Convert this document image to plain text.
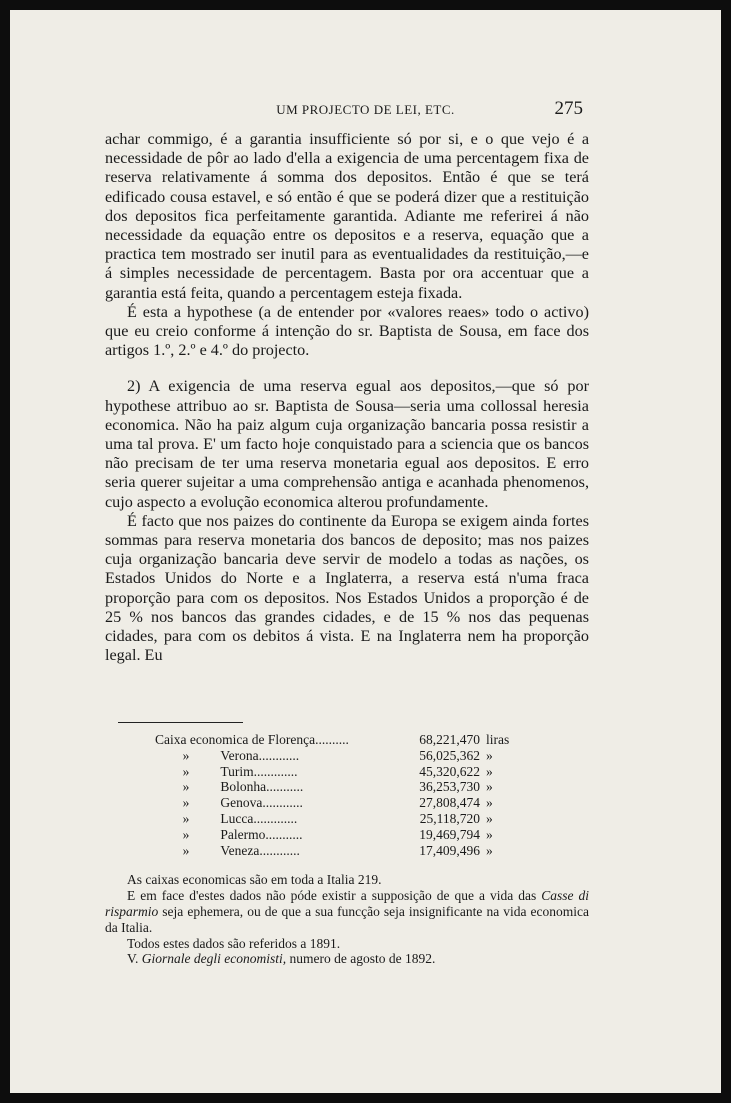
UM PROJECTO DE LEI, ETC.	275

achar commigo, é a garantia insufficiente só por si, e o que vejo é a necessidade de pôr ao lado d'ella a exigencia de uma percentagem fixa de reserva relativamente á somma dos depositos. Então é que se terá edificado cousa estavel, e só então é que se poderá dizer que a restituição dos depositos fica perfeitamente garantida. Adiante me referirei á não necessidade da equação entre os depositos e a reserva, equação que a practica tem mostrado ser inutil para as eventualidades da restituição,—e á simples necessidade de percentagem. Basta por ora accentuar que a garantia está feita, quando a percentagem esteja fixada.

É esta a hypothese (a de entender por «valores reaes» todo o activo) que eu creio conforme á intenção do sr. Baptista de Sousa, em face dos artigos 1.º, 2.º e 4.º do projecto.

2) A exigencia de uma reserva egual aos depositos,—que só por hypothese attribuo ao sr. Baptista de Sousa—seria uma collossal heresia economica. Não ha paiz algum cuja organização bancaria possa resistir a uma tal prova. E' um facto hoje conquistado para a sciencia que os bancos não precisam de ter uma reserva monetaria egual aos depositos. E erro seria querer sujeitar a uma comprehensão antiga e acanhada phenomenos, cujo aspecto a evolução economica alterou profundamente.

É facto que nos paizes do continente da Europa se exigem ainda fortes sommas para reserva monetaria dos bancos de deposito; mas nos paizes cuja organização bancaria deve servir de modelo a todas as nações, os Estados Unidos do Norte e a Inglaterra, a reserva está n'uma fraca proporção para com os depositos. Nos Estados Unidos a proporção é de 25 % nos bancos das grandes cidades, e de 15 % nos das pequenas cidades, para com os debitos á vista. E na Inglaterra nem ha proporção legal. Eu

Caixa economica de Florença..........	68,221,470	liras
» Verona............	56,025,362	»
» Turim.............	45,320,622	»
» Bolonha...........	36,253,730	»
» Genova............	27,808,474	»
» Lucca.............	25,118,720	»
» Palermo...........	19,469,794	»
» Veneza............	17,409,496	»

As caixas economicas são em toda a Italia 219.

E em face d'estes dados não póde existir a supposição de que a vida das Casse di risparmio seja ephemera, ou de que a sua funcção seja insignificante na vida economica da Italia.

Todos estes dados são referidos a 1891.

V. Giornale degli economisti, numero de agosto de 1892.
